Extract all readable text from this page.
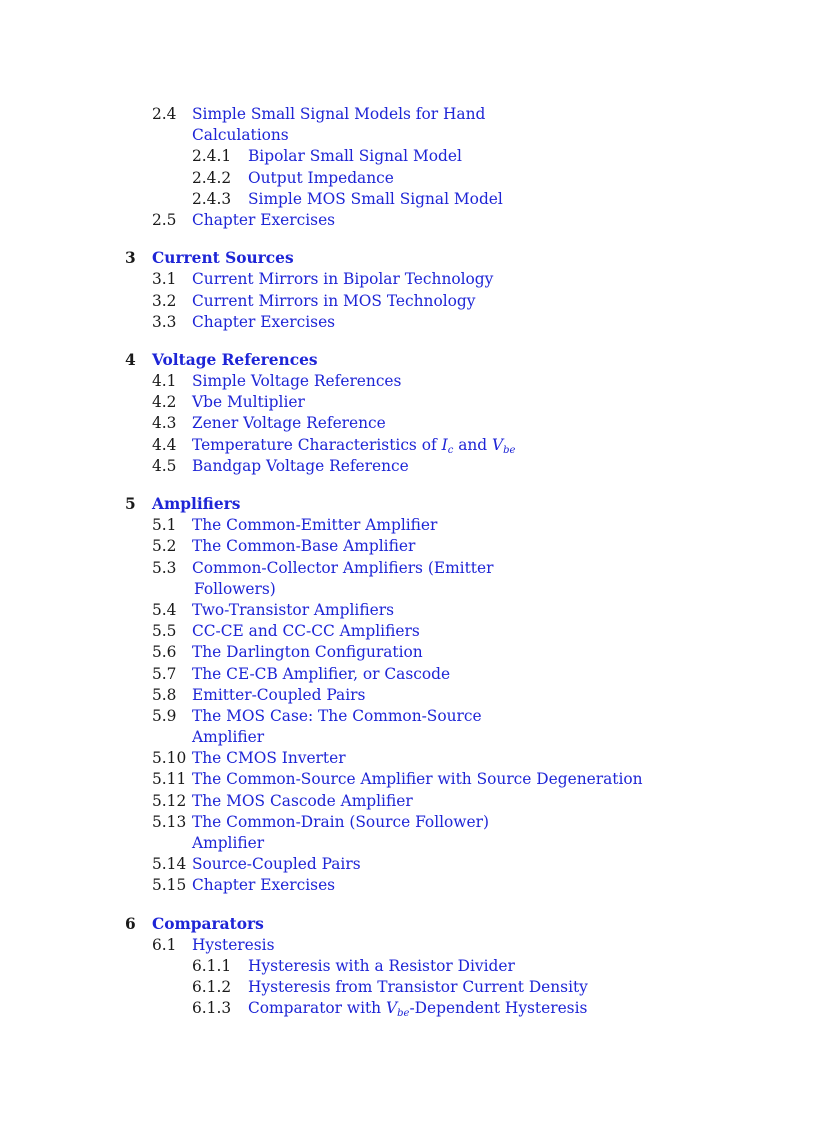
2.4 Simple Small Signal Models for Hand
Calculations
2.4.1 Bipolar Small Signal Model
2.4.2 Output Impedance
2.4.3 Simple MOS Small Signal Model
2.5 Chapter Exercises
3 Current Sources
3.1 Current Mirrors in Bipolar Technology
3.2 Current Mirrors in MOS Technology
3.3 Chapter Exercises
4 Voltage References
4.1 Simple Voltage References
4.2 Vbe Multiplier
4.3 Zener Voltage Reference
4.4 Temperature Characteristics of $I_c$ and $V_{be}$
4.5 Bandgap Voltage Reference
5 Amplifiers
5.1 The Common-Emitter Amplifier
5.2 The Common-Base Amplifier
5.3 Common-Collector Amplifiers (Emitter
Followers)
5.4 Two-Transistor Amplifiers
5.5 CC-CE and CC-CC Amplifiers
5.6 The Darlington Configuration
5.7 The CE-CB Amplifier, or Cascode
5.8 Emitter-Coupled Pairs
5.9 The MOS Case: The Common-Source
Amplifier
5.10 The CMOS Inverter
5.11 The Common-Source Amplifier with Source Degeneration
5.12 The MOS Cascode Amplifier
5.13 The Common-Drain (Source Follower)
Amplifier
5.14 Source-Coupled Pairs
5.15 Chapter Exercises
6 Comparators
6.1 Hysteresis
6.1.1 Hysteresis with a Resistor Divider
6.1.2 Hysteresis from Transistor Current Density
6.1.3 Comparator with $V_{be}$-Dependent Hysteresis
